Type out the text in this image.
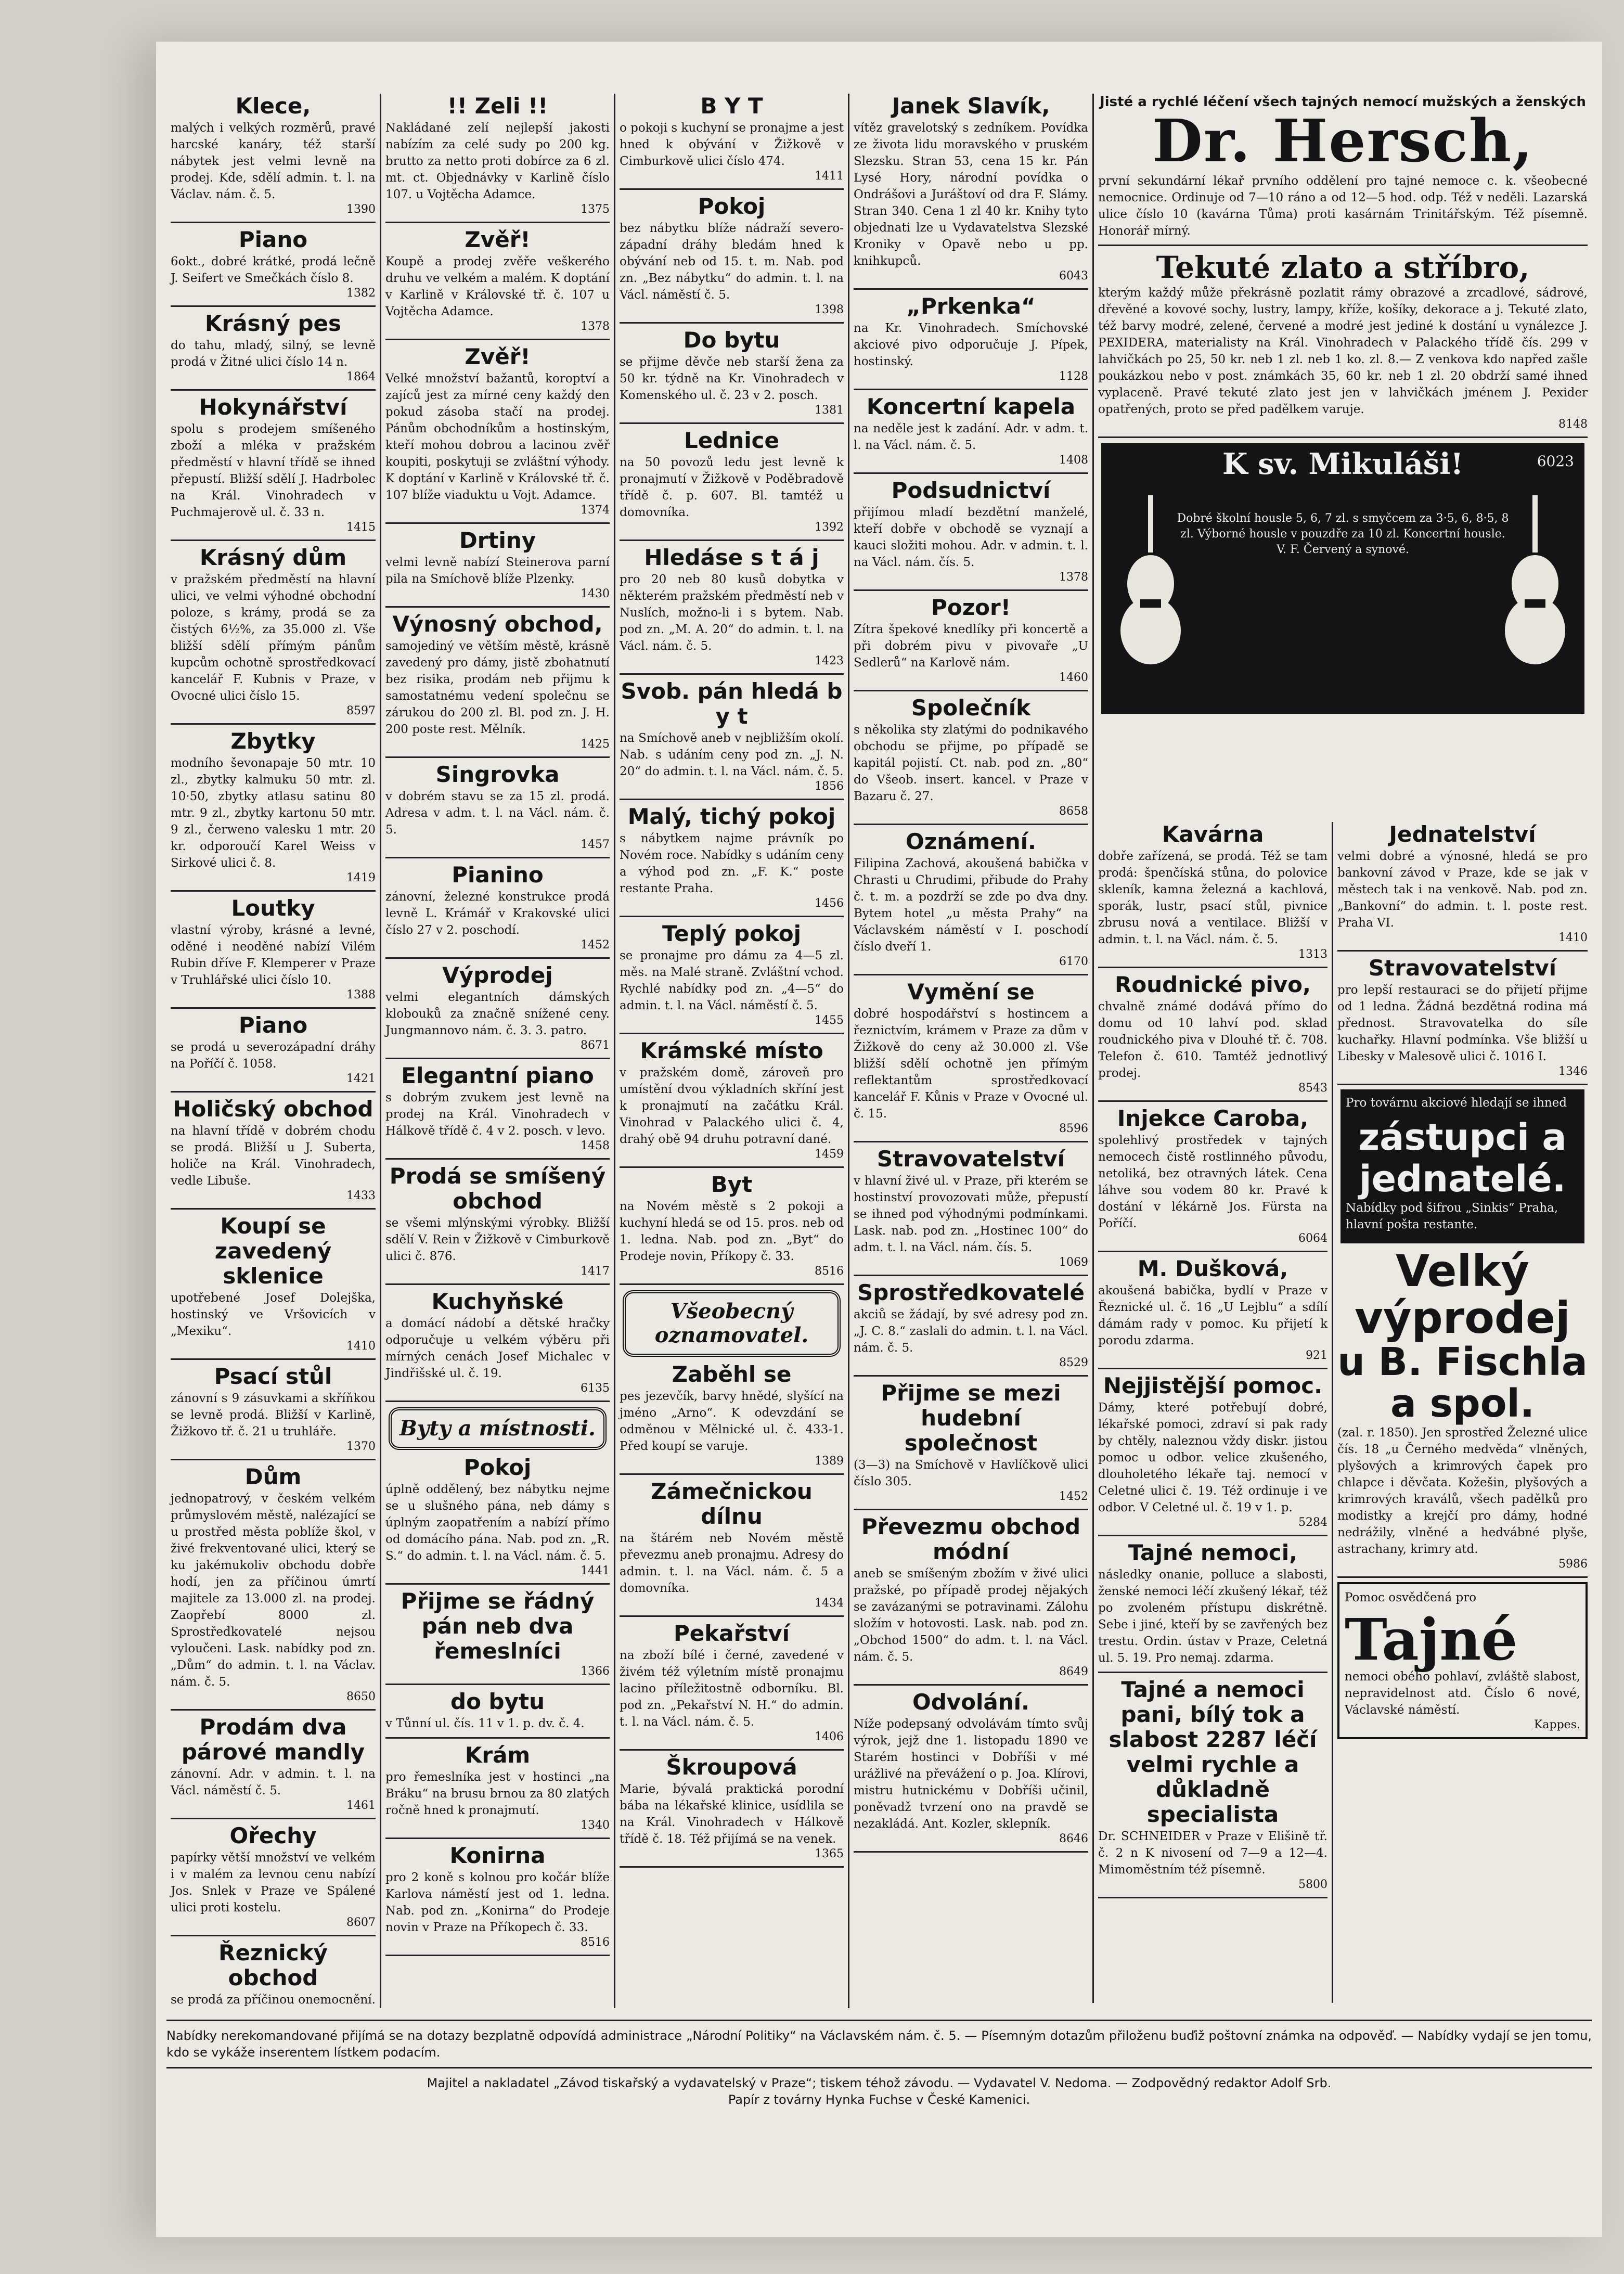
Klece,
malých i velkých rozměrů, pravé harcské kanáry, též starší nábytek jest velmi levně na prodej. Kde, sdělí admin. t. l. na Václav. nám. č. 5.
1390
Piano
6okt., dobré krátké, prodá lečně J. Seifert ve Smečkách číslo 8.
1382
Krásný pes
do tahu, mladý, silný, se levně prodá v Žitné ulici číslo 14 n.
1864
Hokynářství
spolu s prodejem smíšeného zboží a mléka v pražském předměstí v hlavní třídě se ihned přepustí. Bližší sdělí J. Hadrbolec na Král. Vinohradech v Puchmajerově ul. č. 33 n.
1415
Krásný dům
v pražském předměstí na hlavní ulici, ve velmi výhodné obchodní poloze, s krámy, prodá se za čistých 6½%, za 35.000 zl. Vše bližší sdělí přímým pánům kupcům ochotně sprostředkovací kancelář F. Kubnis v Praze, v Ovocné ulici číslo 15.
8597
Zbytky
modního ševonapaje 50 mtr. 10 zl., zbytky kalmuku 50 mtr. zl. 10·50, zbytky atlasu satinu 80 mtr. 9 zl., zbytky kartonu 50 mtr. 9 zl., čerweno valesku 1 mtr. 20 kr. odporoučí Karel Weiss v Sirkové ulici č. 8.
1419
Loutky
vlastní výroby, krásné a levné, oděné i neoděné nabízí Vilém Rubin dříve F. Klemperer v Praze v Truhlářské ulici číslo 10.
1388
Piano
se prodá u severozápadní dráhy na Poříčí č. 1058.
1421
Holičský obchod
na hlavní třídě v dobrém chodu se prodá. Bližší u J. Suberta, holiče na Král. Vinohradech, vedle Libuše.
1433
Koupí se zavedený sklenice
upotřebené Josef Dolejška, hostinský ve Vršovicích v „Mexiku“.
1410
Psací stůl
zánovní s 9 zásuvkami a skříňkou se levně prodá. Bližší v Karlině, Žižkovo tř. č. 21 u truhláře.
1370
Dům
jednopatrový, v českém velkém průmyslovém městě, nalézající se u prostřed města poblíže škol, v živé frekventované ulici, který se ku jakémukoliv obchodu dobře hodí, jen za příčinou úmrtí majitele za 13.000 zl. na prodej. Zaopřebí 8000 zl. Sprostředkovatelé nejsou vyloučeni. Lask. nabídky pod zn. „Dům“ do admin. t. l. na Václav. nám. č. 5.
8650
Prodám dva párové mandly
zánovní. Adr. v admin. t. l. na Václ. náměstí č. 5.
1461
Ořechy
papírky větší množství ve velkém i v malém za levnou cenu nabízí Jos. Snlek v Praze ve Spálené ulici proti kostelu.
8607
Řeznický obchod
se prodá za příčinou onemocnění.
!! Zeli !!
Nakládané zelí nejlepší jakosti nabízím za celé sudy po 200 kg. brutto za netto proti dobírce za 6 zl. mt. ct. Objednávky v Karlině číslo 107. u Vojtěcha Adamce.
1375
Zvěř!
Koupě a prodej zvěře veškerého druhu ve velkém a malém. K doptání v Karlině v Královské tř. č. 107 u Vojtěcha Adamce.
1378
Zvěř!
Velké množství bažantů, koroptví a zajíců jest za mírné ceny každý den pokud zásoba stačí na prodej. Pánům obchodníkům a hostinským, kteří mohou dobrou a lacinou zvěř koupiti, poskytuji se zvláštní výhody. K doptání v Karlině v Královské tř. č. 107 blíže viaduktu u Vojt. Adamce.
1374
Drtiny
velmi levně nabízí Steinerova parní pila na Smíchově blíže Plzenky.
1430
Výnosný obchod,
samojediný ve větším městě, krásně zavedený pro dámy, jistě zbohatnutí bez risika, prodám neb přijmu k samostatnému vedení společnu se zárukou do 200 zl. Bl. pod zn. J. H. 200 poste rest. Mělník.
1425
Singrovka
v dobrém stavu se za 15 zl. prodá. Adresa v adm. t. l. na Václ. nám. č. 5.
1457
Pianino
zánovní, železné konstrukce prodá levně L. Krámář v Krakovské ulici číslo 27 v 2. poschodí.
1452
Výprodej
velmi elegantních dámských klobouků za značně snížené ceny. Jungmannovo nám. č. 3. 3. patro.
8671
Elegantní piano
s dobrým zvukem jest levně na prodej na Král. Vinohradech v Hálkově třídě č. 4 v 2. posch. v levo.
1458
Prodá se smíšený obchod
se všemi mlýnskými výrobky. Bližší sdělí V. Rein v Žižkově v Cimburkově ulici č. 876.
1417
Kuchyňské
a domácí nádobí a dětské hračky odporučuje u velkém výběru při mírných cenách Josef Michalec v Jindřišské ul. č. 19.
6135
Byty a místnosti.
Pokoj
úplně oddělený, bez nábytku nejme se u slušného pána, neb dámy s úplným zaopatřením a nabízí přímo od domácího pána. Nab. pod zn. „R. S.“ do admin. t. l. na Václ. nám. č. 5.
1441
Přijme se řádný pán neb dva řemeslníci
1366
do bytu
v Tůnní ul. čís. 11 v 1. p. dv. č. 4.
Krám
pro řemeslníka jest v hostinci „na Bráku“ na brusu brnou za 80 zlatých ročně hned k pronajmutí.
1340
Konirna
pro 2 koně s kolnou pro kočár blíže Karlova náměstí jest od 1. ledna. Nab. pod zn. „Konirna“ do Prodeje novin v Praze na Příkopech č. 33.
8516
B Y T
o pokoji s kuchyní se pronajme a jest hned k obývání v Žižkově v Cimburkově ulici číslo 474.
1411
Pokoj
bez nábytku blíže nádraží severo-západní dráhy bledám hned k obývání neb od 15. t. m. Nab. pod zn. „Bez nábytku“ do admin. t. l. na Václ. náměstí č. 5.
1398
Do bytu
se přijme děvče neb starší žena za 50 kr. týdně na Kr. Vinohradech v Komenského ul. č. 23 v 2. posch.
1381
Lednice
na 50 povozů ledu jest levně k pronajmutí v Žižkově v Poděbradově třídě č. p. 607. Bl. tamtéž u domovníka.
1392
Hledáse s t á j
pro 20 neb 80 kusů dobytka v některém pražském předměstí neb v Nuslích, možno-li i s bytem. Nab. pod zn. „M. A. 20“ do admin. t. l. na Václ. nám. č. 5.
1423
Svob. pán hledá b y t
na Smíchově aneb v nejbližším okolí. Nab. s udáním ceny pod zn. „J. N. 20“ do admin. t. l. na Václ. nám. č. 5.
1856
Malý, tichý pokoj
s nábytkem najme právník po Novém roce. Nabídky s udáním ceny a výhod pod zn. „F. K.“ poste restante Praha.
1456
Teplý pokoj
se pronajme pro dámu za 4—5 zl. měs. na Malé straně. Zvláštní vchod. Rychlé nabídky pod zn. „4—5“ do admin. t. l. na Václ. náměstí č. 5.
1455
Krámské místo
v pražském domě, zároveň pro umístění dvou výkladních skříní jest k pronajmutí na začátku Král. Vinohrad v Palackého ulici č. 4, drahý obě 94 druhu potravní dané.
1459
Byt
na Novém městě s 2 pokoji a kuchyní hledá se od 15. pros. neb od 1. ledna. Nab. pod zn. „Byt“ do Prodeje novin, Příkopy č. 33.
8516
Všeobecný oznamovatel.
Zaběhl se
pes jezevčík, barvy hnědé, slyšící na jméno „Arno“. K odevzdání se odměnou v Mělnické ul. č. 433-1. Před koupí se varuje.
1389
Zámečnickou dílnu
na štárém neb Novém městě převezmu aneb pronajmu. Adresy do admin. t. l. na Václ. nám. č. 5 a domovníka.
1434
Pekařství
na zboží bílé i černé, zavedené v živém též výletním místě pronajmu lacino příležitostně odborníku. Bl. pod zn. „Pekařství N. H.“ do admin. t. l. na Václ. nám. č. 5.
1406
Škroupová
Marie, bývalá praktická porodní bába na lékařské klinice, usídlila se na Král. Vinohradech v Hálkově třídě č. 18. Též přijímá se na venek.
1365
Janek Slavík,
vítěz gravelotský s zedníkem. Povídka ze života lidu moravského v pruském Slezsku. Stran 53, cena 15 kr. Pán Lysé Hory, národní povídka o Ondrášovi a Juráštoví od dra F. Slámy. Stran 340. Cena 1 zl 40 kr. Knihy tyto objednati lze u Vydavatelstva Slezské Kroniky v Opavě nebo u pp. knihkupců.
6043
„Prkenka“
na Kr. Vinohradech. Smíchovské akciové pivo odporučuje J. Pípek, hostinský.
1128
Koncertní kapela
na neděle jest k zadání. Adr. v adm. t. l. na Václ. nám. č. 5.
1408
Podsudnictví
přijímou mladí bezdětní manželé, kteří dobře v obchodě se vyznají a kauci složiti mohou. Adr. v admin. t. l. na Václ. nám. čís. 5.
1378
Pozor!
Zítra špekové knedlíky při koncertě a při dobrém pivu v pivovaře „U Sedlerů“ na Karlově nám.
1460
Společník
s několika sty zlatými do podnikavého obchodu se přijme, po případě se kapitál pojistí. Ct. nab. pod zn. „80“ do Všeob. insert. kancel. v Praze v Bazaru č. 27.
8658
Oznámení.
Filipina Zachová, akoušená babička v Chrasti u Chrudimi, přibude do Prahy č. t. m. a pozdrží se zde po dva dny. Bytem hotel „u města Prahy“ na Václavském náměstí v I. poschodí číslo dveří 1.
6170
Vymění se
dobré hospodářství s hostincem a řeznictvím, krámem v Praze za dům v Žižkově do ceny až 30.000 zl. Vše bližší sdělí ochotně jen přímým reflektantům sprostředkovací kancelář F. Kůnis v Praze v Ovocné ul. č. 15.
8596
Stravovatelství
v hlavní živé ul. v Praze, při kterém se hostinství provozovati může, přepustí se ihned pod výhodnými podmínkami. Lask. nab. pod zn. „Hostinec 100“ do adm. t. l. na Václ. nám. čís. 5.
1069
Sprostředkovatelé
akciů se žádají, by své adresy pod zn. „J. C. 8.“ zaslali do admin. t. l. na Václ. nám. č. 5.
8529
Přijme se mezi hudební společnost
(3—3) na Smíchově v Havlíčkově ulici číslo 305.
1452
Převezmu obchod módní
aneb se smíšeným zbožím v živé ulici pražské, po případě prodej nějakých se zavázanými se potravinami. Zálohu složím v hotovosti. Lask. nab. pod zn. „Obchod 1500“ do adm. t. l. na Václ. nám. č. 5.
8649
Odvolání.
Níže podepsaný odvolávám tímto svůj výrok, jejž dne 1. listopadu 1890 ve Starém hostinci v Dobříši v mé urážlivé na převážení o p. Joa. Klírovi, mistru hutnickému v Dobříši učinil, poněvadž tvrzení ono na pravdě se nezakládá. Ant. Kozler, sklepník.
8646
Jisté a rychlé léčení všech tajných nemocí mužských a ženských
Dr. Hersch,
první sekundární lékař prvního oddělení pro tajné nemoce c. k. všeobecné nemocnice. Ordinuje od 7—10 ráno a od 12—5 hod. odp. Též v neděli. Lazarská ulice číslo 10 (kavárna Tůma) proti kasárnám Trinitářským. Též písemně. Honorář mírný.
Tekuté zlato a stříbro,
kterým každý může překrásně pozlatit rámy obrazové a zrcadlové, sádrové, dřevěné a kovové sochy, lustry, lampy, kříže, košíky, dekorace a j. Tekuté zlato, též barvy modré, zelené, červené a modré jest jediné k dostání u vynálezce J. PEXIDERA, materialisty na Král. Vinohradech v Palackého třídě čís. 299 v lahvičkách po 25, 50 kr. neb 1 zl. neb 1 ko. zl. 8.— Z venkova kdo napřed zašle poukázkou nebo v post. známkách 35, 60 kr. neb 1 zl. 20 obdrží samé ihned vyplaceně. Pravé tekuté zlato jest jen v lahvičkách jménem J. Pexider opatřených, proto se před padělkem varuje.
8148
K sv. Mikuláši!	6023
Dobré školní housle 5, 6, 7 zl. s smyčcem za 3·5, 6, 8·5, 8 zl. Výborné housle v pouzdře za 10 zl. Koncertní housle. V. F. Červený a synové.
Kavárna
dobře zařízená, se prodá. Též se tam prodá: špenčíská stůna, do polovice skleník, kamna železná a kachlová, sporák, lustr, psací stůl, pivnice zbrusu nová a ventilace. Bližší v admin. t. l. na Václ. nám. č. 5.
1313
Roudnické pivo,
chvalně známé dodává přímo do domu od 10 lahví pod. sklad roudnického piva v Dlouhé tř. č. 708. Telefon č. 610. Tamtéž jednotlivý prodej.
8543
Injekce Caroba,
spolehlivý prostředek v tajných nemocech čistě rostlinného původu, netoliká, bez otravných látek. Cena láhve sou vodem 80 kr. Pravé k dostání v lékárně Jos. Fürsta na Poříčí.
6064
M. Dušková,
akoušená babička, bydlí v Praze v Řeznické ul. č. 16 „U Lejblu“ a sdílí dámám rady v pomoc. Ku přijetí k porodu zdarma.
921
Nejjistější pomoc.
Dámy, které potřebují dobré, lékařské pomoci, zdraví si pak rady by chtěly, naleznou vždy diskr. jistou pomoc u odbor. velice zkušeného, dlouholetého lékaře taj. nemocí v Celetné ulici č. 19. Též ordinuje i ve odbor. V Celetné ul. č. 19 v 1. p.
5284
Tajné nemoci,
následky onanie, polluce a slabosti, ženské nemoci léčí zkušený lékař, též po zvoleném přístupu diskrétně. Sebe i jiné, kteří by se zavřených bez trestu. Ordin. ústav v Praze, Celetná ul. 5. 19. Pro nemaj. zdarma.
Tajné a nemoci pani, bílý tok a slabost 2287 léčí velmi rychle a důkladně specialista
Dr. SCHNEIDER v Praze v Elišině tř. č. 2 n K nivosení od 7—9 a 12—4. Mimoměstním též písemně.
5800
Jednatelství
velmi dobré a výnosné, hledá se pro bankovní závod v Praze, kde se jak v městech tak i na venkově. Nab. pod zn. „Bankovní“ do admin. t. l. poste rest. Praha VI.
1410
Stravovatelství
pro lepší restauraci se do přijetí přijme od 1 ledna. Žádná bezdětná rodina má přednost. Stravovatelka do síle kuchařky. Hlavní podmínka. Vše bližší u Libesky v Malesově ulici č. 1016 I.
1346
Pro továrnu akciové hledají se ihned
zástupci a
jednatelé.
Nabídky pod šifrou „Sinkis“ Praha, hlavní pošta restante.
Velký výprodej
u B. Fischla a spol.
(zal. r. 1850). Jen sprostřed Železné ulice čís. 18 „u Černého medvěda“ vlněných, plyšových a krimrových čapek pro chlapce i děvčata. Kožešin, plyšových a krimrových kraválů, všech padělků pro modistky a krejčí pro dámy, hodné nedrážily, vlněné a hedvábné plyše, astrachany, krimry atd.
5986
Pomoc osvědčená pro
Tajné
nemoci obého pohlaví, zvláště slabost, nepravidelnost atd. Číslo 6 nové, Václavské náměstí.
Kappes.
Nabídky nerekomandované přijímá se na dotazy bezplatně odpovídá administrace „Národní Politiky“ na Václavském nám. č. 5. — Písemným dotazům přiloženu buďiž poštovní známka na odpověď. — Nabídky vydají se jen tomu, kdo se vykáže inserentem lístkem podacím.
Majitel a nakladatel „Závod tiskařský a vydavatelský v Praze“; tiskem téhož závodu. — Vydavatel V. Nedoma. — Zodpovědný redaktor Adolf Srb.
Papír z továrny Hynka Fuchse v České Kamenici.
